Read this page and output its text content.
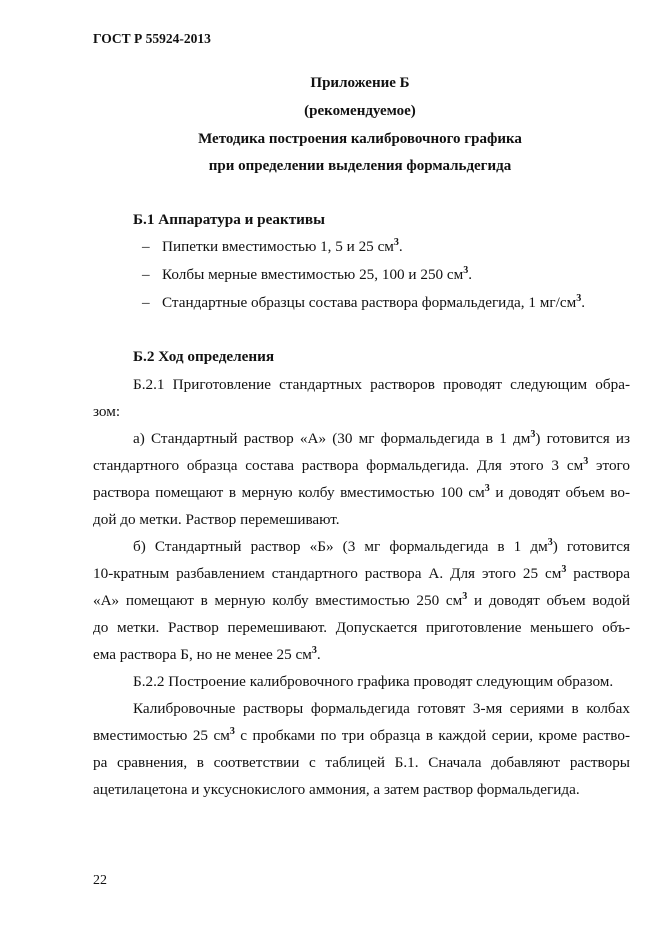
ГОСТ Р 55924-2013
Приложение Б
(рекомендуемое)
Методика построения калибровочного графика
при определении выделения формальдегида
Б.1 Аппаратура и реактивы
– Пипетки вместимостью 1, 5 и 25 $см^3$.
– Колбы мерные вместимостью 25, 100 и 250 $см^3$.
– Стандартные образцы состава раствора формальдегида, 1 $мг/см^3$.
Б.2 Ход определения
Б.2.1 Приготовление стандартных растворов проводят следующим обра-
зом:
а) Стандартный раствор «А» (30 мг формальдегида в 1 $дм^3$) готовится из
стандартного образца состава раствора формальдегида. Для этого 3 $см^3$ этого
раствора помещают в мерную колбу вместимостью 100 $см^3$ и доводят объем во-
дой до метки. Раствор перемешивают.
б) Стандартный раствор «Б» (3 мг формальдегида в 1 $дм^3$) готовится
10-кратным разбавлением стандартного раствора А. Для этого 25 $см^3$ раствора
«А» помещают в мерную колбу вместимостью 250 $см^3$ и доводят объем водой
до метки. Раствор перемешивают. Допускается приготовление меньшего объ-
ема раствора Б, но не менее 25 $см^3$.
Б.2.2 Построение калибровочного графика проводят следующим образом.
Калибровочные растворы формальдегида готовят 3-мя сериями в колбах
вместимостью 25 $см^3$ с пробками по три образца в каждой серии, кроме раство-
ра сравнения, в соответствии с таблицей Б.1. Сначала добавляют растворы
ацетилацетона и уксуснокислого аммония, а затем раствор формальдегида.
22
